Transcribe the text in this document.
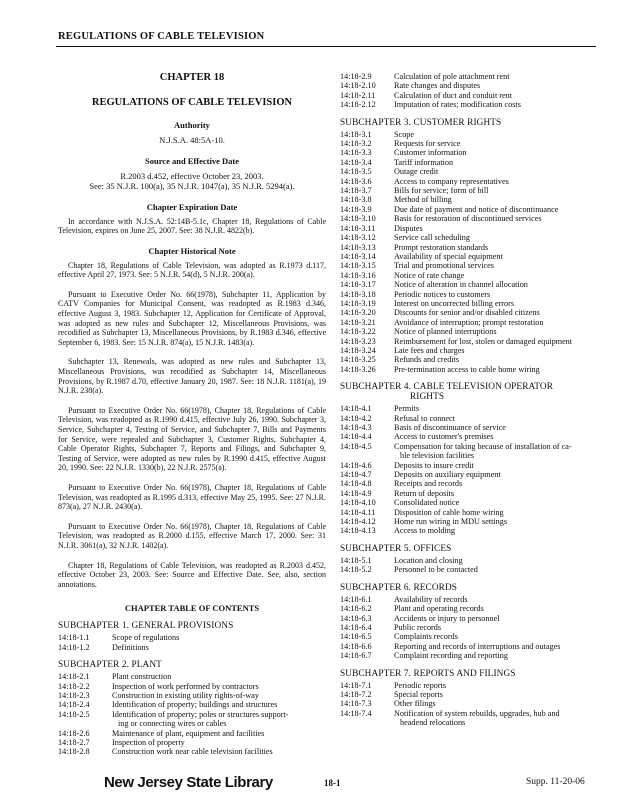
REGULATIONS OF CABLE TELEVISION
CHAPTER 18
REGULATIONS OF CABLE TELEVISION
Authority
N.J.S.A. 48:5A-10.
Source and Effective Date
R.2003 d.452, effective October 23, 2003.
See: 35 N.J.R. 100(a), 35 N.J.R. 1047(a), 35 N.J.R. 5294(a).
Chapter Expiration Date
In accordance with N.J.S.A. 52:14B-5.1c, Chapter 18, Regulations of Cable Television, expires on June 25, 2007. See: 38 N.J.R. 4822(b).
Chapter Historical Note
Chapter 18, Regulations of Cable Television, was adopted as R.1973 d.117, effective April 27, 1973. See: 5 N.J.R. 54(d), 5 N.J.R. 200(a).
Pursuant to Executive Order No. 66(1978), Subchapter 11, Application by CATV Companies for Municipal Consent, was readopted as R.1983 d.346, effective August 3, 1983. Subchapter 12, Application for Certificate of Approval, was adopted as new rules and Subchapter 12, Miscellaneous Provisions, was recodified as Subchapter 13, Miscellaneous Provisions, by R.1983 d.346, effective September 6, 1983. See: 15 N.J.R. 874(a), 15 N.J.R. 1483(a).
Subchapter 13, Renewals, was adopted as new rules and Subchapter 13, Miscellaneous Provisions, was recodified as Subchapter 14, Miscellaneous Provisions, by R.1987 d.70, effective January 20, 1987. See: 18 N.J.R. 1181(a), 19 N.J.R. 238(a).
Pursuant to Executive Order No. 66(1978), Chapter 18, Regulations of Cable Television, was readopted as R.1990 d.415, effective July 26, 1990. Subchapter 3, Service, Subchapter 4, Testing of Service, and Subchapter 7, Bills and Payments for Service, were repealed and Subchapter 3, Customer Rights, Subchapter 4, Cable Operator Rights, Subchapter 7, Reports and Filings, and Subchapter 9, Testing of Service, were adopted as new rules by R.1990 d.415, effective August 20, 1990. See: 22 N.J.R. 1330(b), 22 N.J.R. 2575(a).
Pursuant to Executive Order No. 66(1978), Chapter 18, Regulations of Cable Television, was readopted as R.1995 d.313, effective May 25, 1995. See: 27 N.J.R. 873(a), 27 N.J.R. 2430(a).
Pursuant to Executive Order No. 66(1978), Chapter 18, Regulations of Cable Television, was readopted as R.2000 d.155, effective March 17, 2000. See: 31 N.J.R. 3061(a), 32 N.J.R. 1402(a).
Chapter 18, Regulations of Cable Television, was readopted as R.2003 d.452, effective October 23, 2003. See: Source and Effective Date. See, also, section annotations.
CHAPTER TABLE OF CONTENTS
SUBCHAPTER 1. GENERAL PROVISIONS
14:18-1.1	Scope of regulations
14:18-1.2	Definitions
SUBCHAPTER 2. PLANT
14:18-2.1	Plant construction
14:18-2.2	Inspection of work performed by contractors
14:18-2.3	Construction in existing utility rights-of-way
14:18-2.4	Identification of property; buildings and structures
14:18-2.5	Identification of property; poles or structures support-
ing or connecting wires or cables
14:18-2.6	Maintenance of plant, equipment and facilities
14:18-2.7	Inspection of property
14:18-2.8	Construction work near cable television facilities
14:18-2.9	Calculation of pole attachment rent
14:18-2.10	Rate changes and disputes
14:18-2.11	Calculation of duct and conduit rent
14:18-2.12	Imputation of rates; modification costs
SUBCHAPTER 3. CUSTOMER RIGHTS
14:18-3.1	Scope
14:18-3.2	Requests for service
14:18-3.3	Customer information
14:18-3.4	Tariff information
14:18-3.5	Outage credit
14:18-3.6	Access to company representatives
14:18-3.7	Bills for service; form of bill
14:18-3.8	Method of billing
14:18-3.9	Due date of payment and notice of discontinuance
14:18-3.10	Basis for restoration of discontinued services
14:18-3.11	Disputes
14:18-3.12	Service call scheduling
14:18-3.13	Prompt restoration standards
14:18-3.14	Availability of special equipment
14:18-3.15	Trial and promotional services
14:18-3.16	Notice of rate change
14:18-3.17	Notice of alteration in channel allocation
14:18-3.18	Periodic notices to customers
14:18-3.19	Interest on uncorrected billing errors
14:18-3.20	Discounts for senior and/or disabled citizens
14:18-3.21	Avoidance of interruption; prompt restoration
14:18-3.22	Notice of planned interruptions
14:18-3.23	Reimbursement for lost, stolen or damaged equipment
14:18-3.24	Late fees and charges
14:18-3.25	Refunds and credits
14:18-3.26	Pre-termination access to cable home wiring
SUBCHAPTER 4. CABLE TELEVISION OPERATOR
RIGHTS
14:18-4.1	Permits
14:18-4.2	Refusal to connect
14:18-4.3	Basis of discontinuance of service
14:18-4.4	Access to customer's premises
14:18-4.5	Compensation for taking because of installation of ca-
ble television facilities
14:18-4.6	Deposits to insure credit
14:18-4.7	Deposits on auxiliary equipment
14:18-4.8	Receipts and records
14:18-4.9	Return of deposits
14:18-4.10	Consolidated notice
14:18-4.11	Disposition of cable home wiring
14:18-4.12	Home run wiring in MDU settings
14:18-4.13	Access to molding
SUBCHAPTER 5. OFFICES
14:18-5.1	Location and closing
14:18-5.2	Personnel to be contacted
SUBCHAPTER 6. RECORDS
14:18-6.1	Availability of records
14:18-6.2	Plant and operating records
14:18-6.3	Accidents or injury to personnel
14:18-6.4	Public records
14:18-6.5	Complaints records
14:18-6.6	Reporting and records of interruptions and outages
14:18-6.7	Complaint recording and reporting
SUBCHAPTER 7. REPORTS AND FILINGS
14:18-7.1	Periodic reports
14:18-7.2	Special reports
14:18-7.3	Other filings
14:18-7.4	Notification of system rebuilds, upgrades, hub and
headend relocations
New Jersey State Library	18-1	Supp. 11-20-06
